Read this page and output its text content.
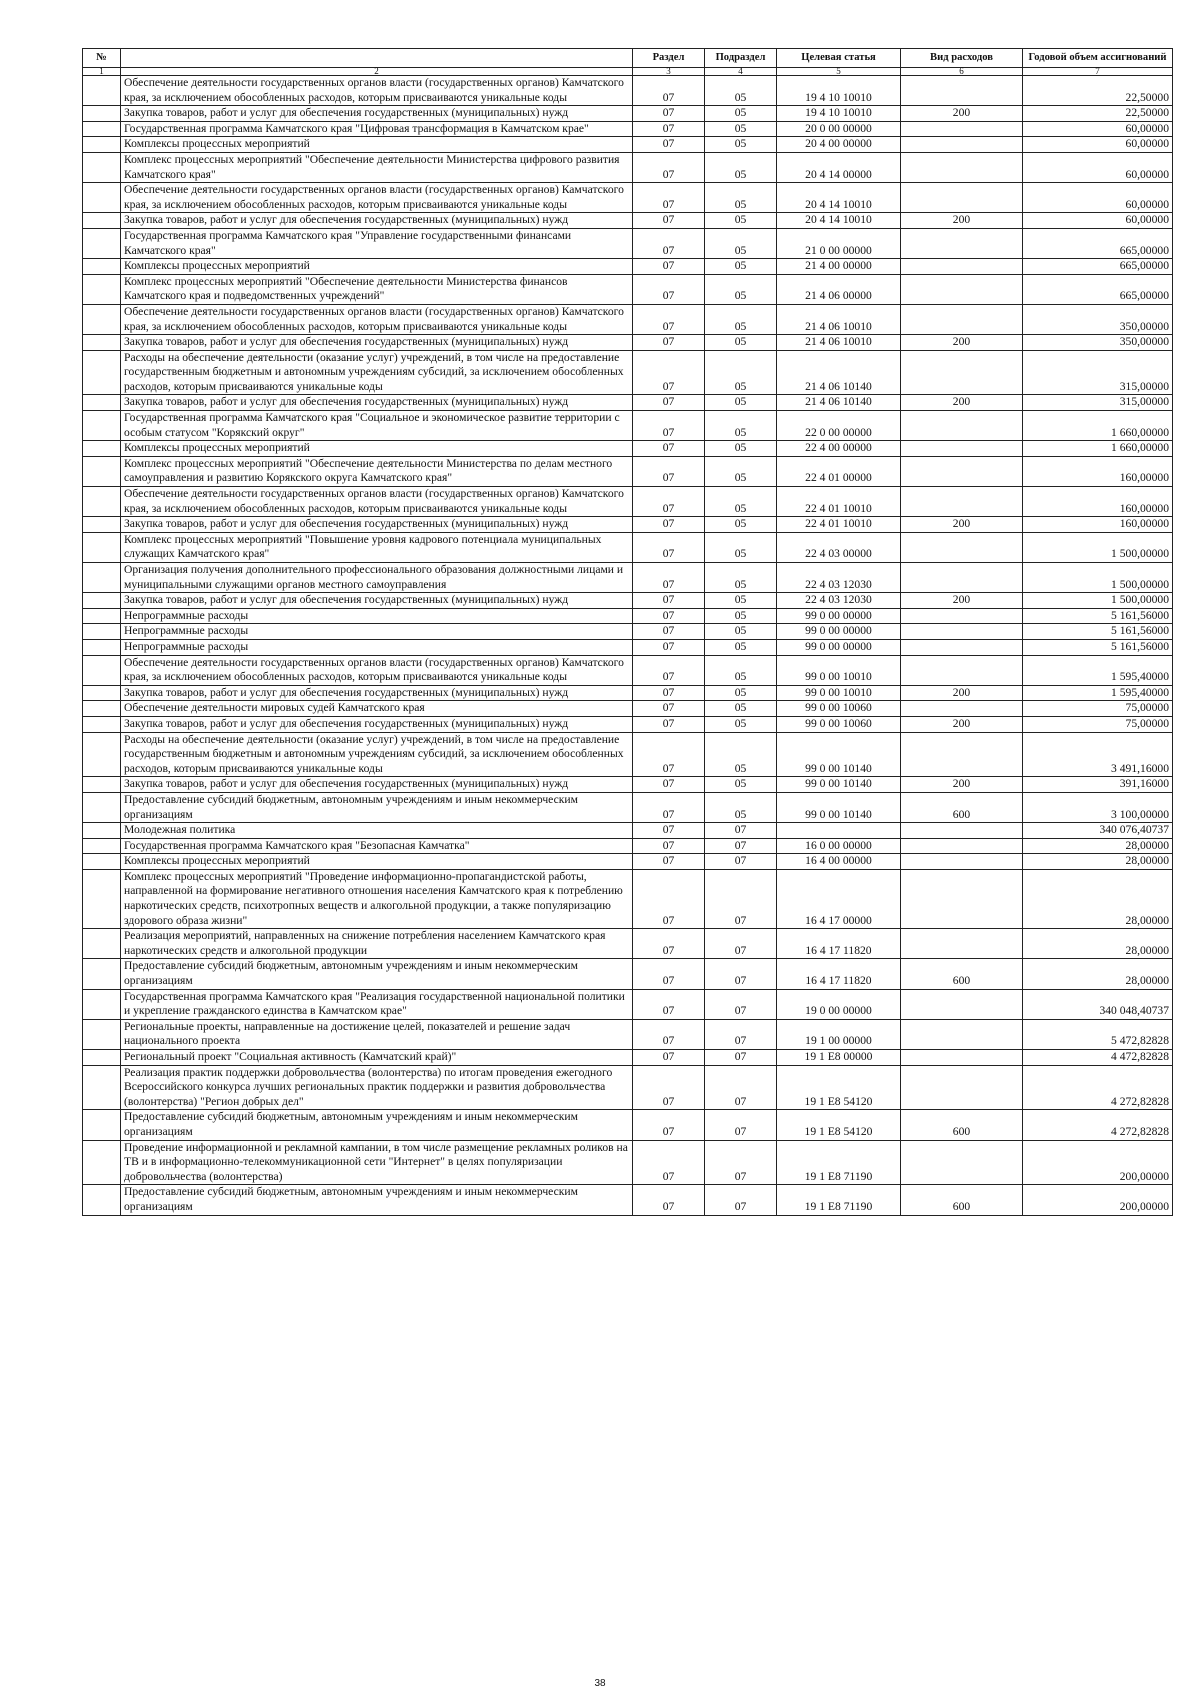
№		Раздел	Подраздел	Целевая статья	Вид расходов	Годовой объем ассигнований
1	2	3	4	5	6	7
	Обеспечение деятельности государственных органов власти (государственных органов) Камчатского края, за исключением обособленных расходов, которым присваиваются уникальные коды	07	05	19 4 10 10010		22,50000
	Закупка товаров, работ и услуг для обеспечения государственных (муниципальных) нужд	07	05	19 4 10 10010	200	22,50000
	Государственная программа Камчатского края "Цифровая трансформация в Камчатском крае"	07	05	20 0 00 00000		60,00000
	Комплексы процессных мероприятий	07	05	20 4 00 00000		60,00000
	Комплекс процессных мероприятий "Обеспечение деятельности Министерства цифрового развития Камчатского края"	07	05	20 4 14 00000		60,00000
	Обеспечение деятельности государственных органов власти (государственных органов) Камчатского края, за исключением обособленных расходов, которым присваиваются уникальные коды	07	05	20 4 14 10010		60,00000
	Закупка товаров, работ и услуг для обеспечения государственных (муниципальных) нужд	07	05	20 4 14 10010	200	60,00000
	Государственная программа Камчатского края "Управление государственными финансами Камчатского края"	07	05	21 0 00 00000		665,00000
	Комплексы процессных мероприятий	07	05	21 4 00 00000		665,00000
	Комплекс процессных мероприятий "Обеспечение деятельности Министерства финансов Камчатского края и подведомственных учреждений"	07	05	21 4 06 00000		665,00000
	Обеспечение деятельности государственных органов власти (государственных органов) Камчатского края, за исключением обособленных расходов, которым присваиваются уникальные коды	07	05	21 4 06 10010		350,00000
	Закупка товаров, работ и услуг для обеспечения государственных (муниципальных) нужд	07	05	21 4 06 10010	200	350,00000
	Расходы на обеспечение деятельности (оказание услуг) учреждений, в том числе на предоставление государственным бюджетным и автономным учреждениям субсидий, за исключением обособленных расходов, которым присваиваются уникальные коды	07	05	21 4 06 10140		315,00000
	Закупка товаров, работ и услуг для обеспечения государственных (муниципальных) нужд	07	05	21 4 06 10140	200	315,00000
	Государственная программа Камчатского края "Социальное и экономическое развитие территории с особым статусом "Корякский округ"	07	05	22 0 00 00000		1 660,00000
	Комплексы процессных мероприятий	07	05	22 4 00 00000		1 660,00000
	Комплекс процессных мероприятий "Обеспечение деятельности Министерства по делам местного самоуправления и развитию Корякского округа Камчатского края"	07	05	22 4 01 00000		160,00000
	Обеспечение деятельности государственных органов власти (государственных органов) Камчатского края, за исключением обособленных расходов, которым присваиваются уникальные коды	07	05	22 4 01 10010		160,00000
	Закупка товаров, работ и услуг для обеспечения государственных (муниципальных) нужд	07	05	22 4 01 10010	200	160,00000
	Комплекс процессных мероприятий "Повышение уровня кадрового потенциала муниципальных служащих Камчатского края"	07	05	22 4 03 00000		1 500,00000
	Организация получения дополнительного профессионального образования должностными лицами и муниципальными служащими органов местного самоуправления	07	05	22 4 03 12030		1 500,00000
	Закупка товаров, работ и услуг для обеспечения государственных (муниципальных) нужд	07	05	22 4 03 12030	200	1 500,00000
	Непрограммные расходы	07	05	99 0 00 00000		5 161,56000
	Непрограммные расходы	07	05	99 0 00 00000		5 161,56000
	Непрограммные расходы	07	05	99 0 00 00000		5 161,56000
	Обеспечение деятельности государственных органов власти (государственных органов) Камчатского края, за исключением обособленных расходов, которым присваиваются уникальные коды	07	05	99 0 00 10010		1 595,40000
	Закупка товаров, работ и услуг для обеспечения государственных (муниципальных) нужд	07	05	99 0 00 10010	200	1 595,40000
	Обеспечение деятельности мировых судей Камчатского края	07	05	99 0 00 10060		75,00000
	Закупка товаров, работ и услуг для обеспечения государственных (муниципальных) нужд	07	05	99 0 00 10060	200	75,00000
	Расходы на обеспечение деятельности (оказание услуг) учреждений, в том числе на предоставление государственным бюджетным и автономным учреждениям субсидий, за исключением обособленных расходов, которым присваиваются уникальные коды	07	05	99 0 00 10140		3 491,16000
	Закупка товаров, работ и услуг для обеспечения государственных (муниципальных) нужд	07	05	99 0 00 10140	200	391,16000
	Предоставление субсидий бюджетным, автономным учреждениям и иным некоммерческим организациям	07	05	99 0 00 10140	600	3 100,00000
	Молодежная политика	07	07			340 076,40737
	Государственная программа Камчатского края "Безопасная Камчатка"	07	07	16 0 00 00000		28,00000
	Комплексы процессных мероприятий	07	07	16 4 00 00000		28,00000
	Комплекс процессных мероприятий "Проведение информационно-пропагандистской работы, направленной на формирование негативного отношения населения Камчатского края к потреблению наркотических средств, психотропных веществ и алкогольной продукции, а также популяризацию здорового образа жизни"	07	07	16 4 17 00000		28,00000
	Реализация мероприятий, направленных на снижение потребления населением Камчатского края наркотических средств и алкогольной продукции	07	07	16 4 17 11820		28,00000
	Предоставление субсидий бюджетным, автономным учреждениям и иным некоммерческим организациям	07	07	16 4 17 11820	600	28,00000
	Государственная программа Камчатского края "Реализация государственной национальной политики и укрепление гражданского единства в Камчатском крае"	07	07	19 0 00 00000		340 048,40737
	Региональные проекты, направленные на достижение целей, показателей и решение задач национального проекта	07	07	19 1 00 00000		5 472,82828
	Региональный проект "Социальная активность (Камчатский край)"	07	07	19 1 E8 00000		4 472,82828
	Реализация практик поддержки добровольчества (волонтерства) по итогам проведения ежегодного Всероссийского конкурса лучших региональных практик поддержки и развития добровольчества (волонтерства) "Регион добрых дел"	07	07	19 1 E8 54120		4 272,82828
	Предоставление субсидий бюджетным, автономным учреждениям и иным некоммерческим организациям	07	07	19 1 E8 54120	600	4 272,82828
	Проведение информационной и рекламной кампании, в том числе размещение рекламных роликов на ТВ и в информационно-телекоммуникационной сети "Интернет" в целях популяризации добровольчества (волонтерства)	07	07	19 1 E8 71190		200,00000
	Предоставление субсидий бюджетным, автономным учреждениям и иным некоммерческим организациям	07	07	19 1 E8 71190	600	200,00000
38
